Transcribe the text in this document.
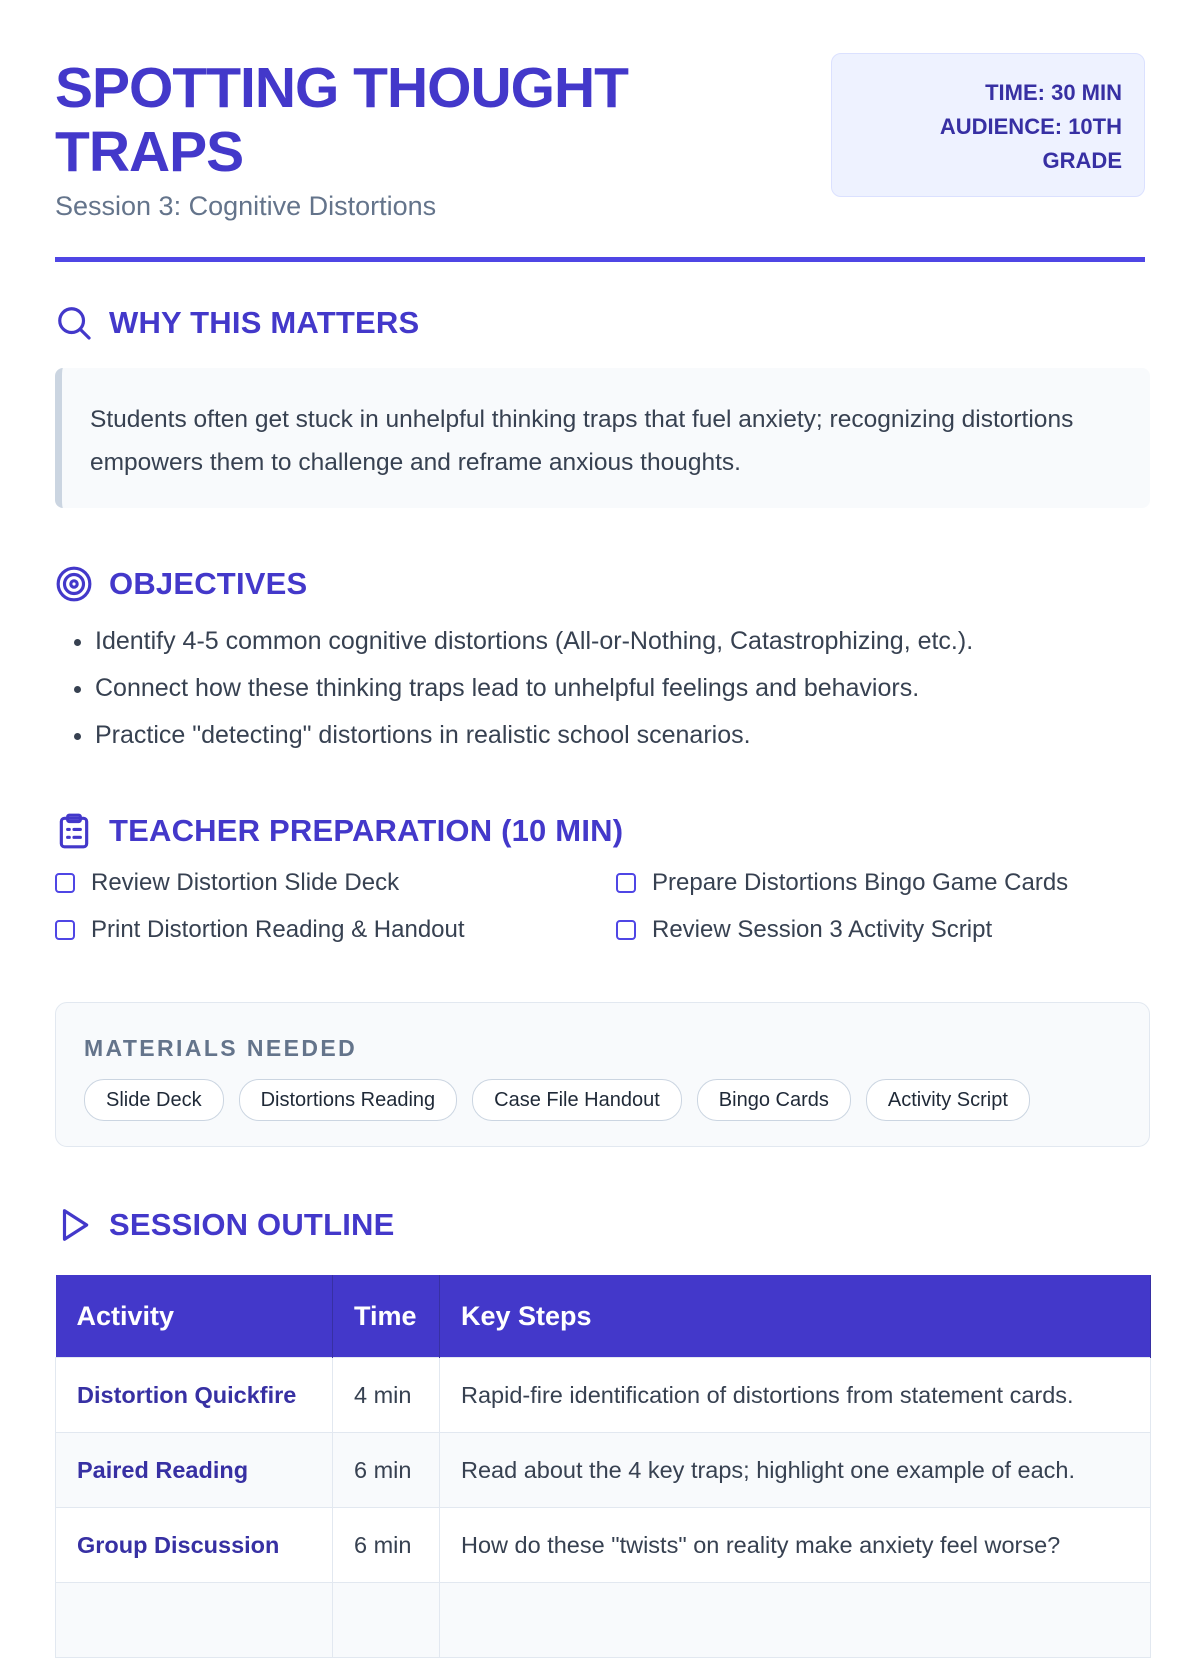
SPOTTING THOUGHT TRAPS
Session 3: Cognitive Distortions
TIME: 30 MIN
AUDIENCE: 10TH
GRADE
WHY THIS MATTERS
Students often get stuck in unhelpful thinking traps that fuel anxiety; recognizing distortions empowers them to challenge and reframe anxious thoughts.
OBJECTIVES
• Identify 4-5 common cognitive distortions (All-or-Nothing, Catastrophizing, etc.).
• Connect how these thinking traps lead to unhelpful feelings and behaviors.
• Practice "detecting" distortions in realistic school scenarios.
TEACHER PREPARATION (10 MIN)
Review Distortion Slide Deck	Prepare Distortions Bingo Game Cards
Print Distortion Reading & Handout	Review Session 3 Activity Script
MATERIALS NEEDED
Slide Deck	Distortions Reading	Case File Handout	Bingo Cards	Activity Script
SESSION OUTLINE
Activity	Time	Key Steps
Distortion Quickfire	4 min	Rapid-fire identification of distortions from statement cards.
Paired Reading	6 min	Read about the 4 key traps; highlight one example of each.
Group Discussion	6 min	How do these "twists" on reality make anxiety feel worse?
